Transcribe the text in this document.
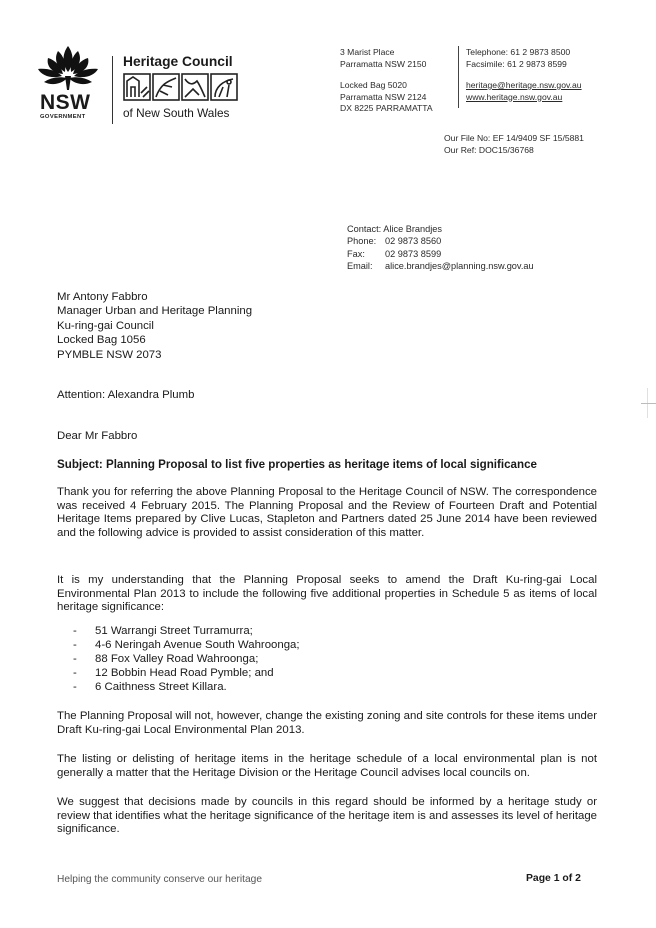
NSW
GOVERNMENT
Heritage Council
of New South Wales
3 Marist Place
Parramatta NSW 2150
Locked Bag 5020
Parramatta NSW 2124
DX 8225 PARRAMATTA
Telephone: 61 2 9873 8500
Facsimile: 61 2 9873 8599
heritage@heritage.nsw.gov.au
www.heritage.nsw.gov.au
Our File No: EF 14/9409 SF 15/5881
Our Ref: DOC15/36768
Contact: Alice Brandjes
Phone: 02 9873 8560
Fax: 02 9873 8599
Email: alice.brandjes@planning.nsw.gov.au
Mr Antony Fabbro
Manager Urban and Heritage Planning
Ku-ring-gai Council
Locked Bag 1056
PYMBLE NSW 2073
Attention: Alexandra Plumb
Dear Mr Fabbro
Subject: Planning Proposal to list five properties as heritage items of local significance
Thank you for referring the above Planning Proposal to the Heritage Council of NSW. The correspondence was received 4 February 2015. The Planning Proposal and the Review of Fourteen Draft and Potential Heritage Items prepared by Clive Lucas, Stapleton and Partners dated 25 June 2014 have been reviewed and the following advice is provided to assist consideration of this matter.
It is my understanding that the Planning Proposal seeks to amend the Draft Ku-ring-gai Local Environmental Plan 2013 to include the following five additional properties in Schedule 5 as items of local heritage significance:
- 51 Warrangi Street Turramurra;
- 4-6 Neringah Avenue South Wahroonga;
- 88 Fox Valley Road Wahroonga;
- 12 Bobbin Head Road Pymble; and
- 6 Caithness Street Killara.
The Planning Proposal will not, however, change the existing zoning and site controls for these items under Draft Ku-ring-gai Local Environmental Plan 2013.
The listing or delisting of heritage items in the heritage schedule of a local environmental plan is not generally a matter that the Heritage Division or the Heritage Council advises local councils on.
We suggest that decisions made by councils in this regard should be informed by a heritage study or review that identifies what the heritage significance of the heritage item is and assesses its level of heritage significance.
Helping the community conserve our heritage	Page 1 of 2
